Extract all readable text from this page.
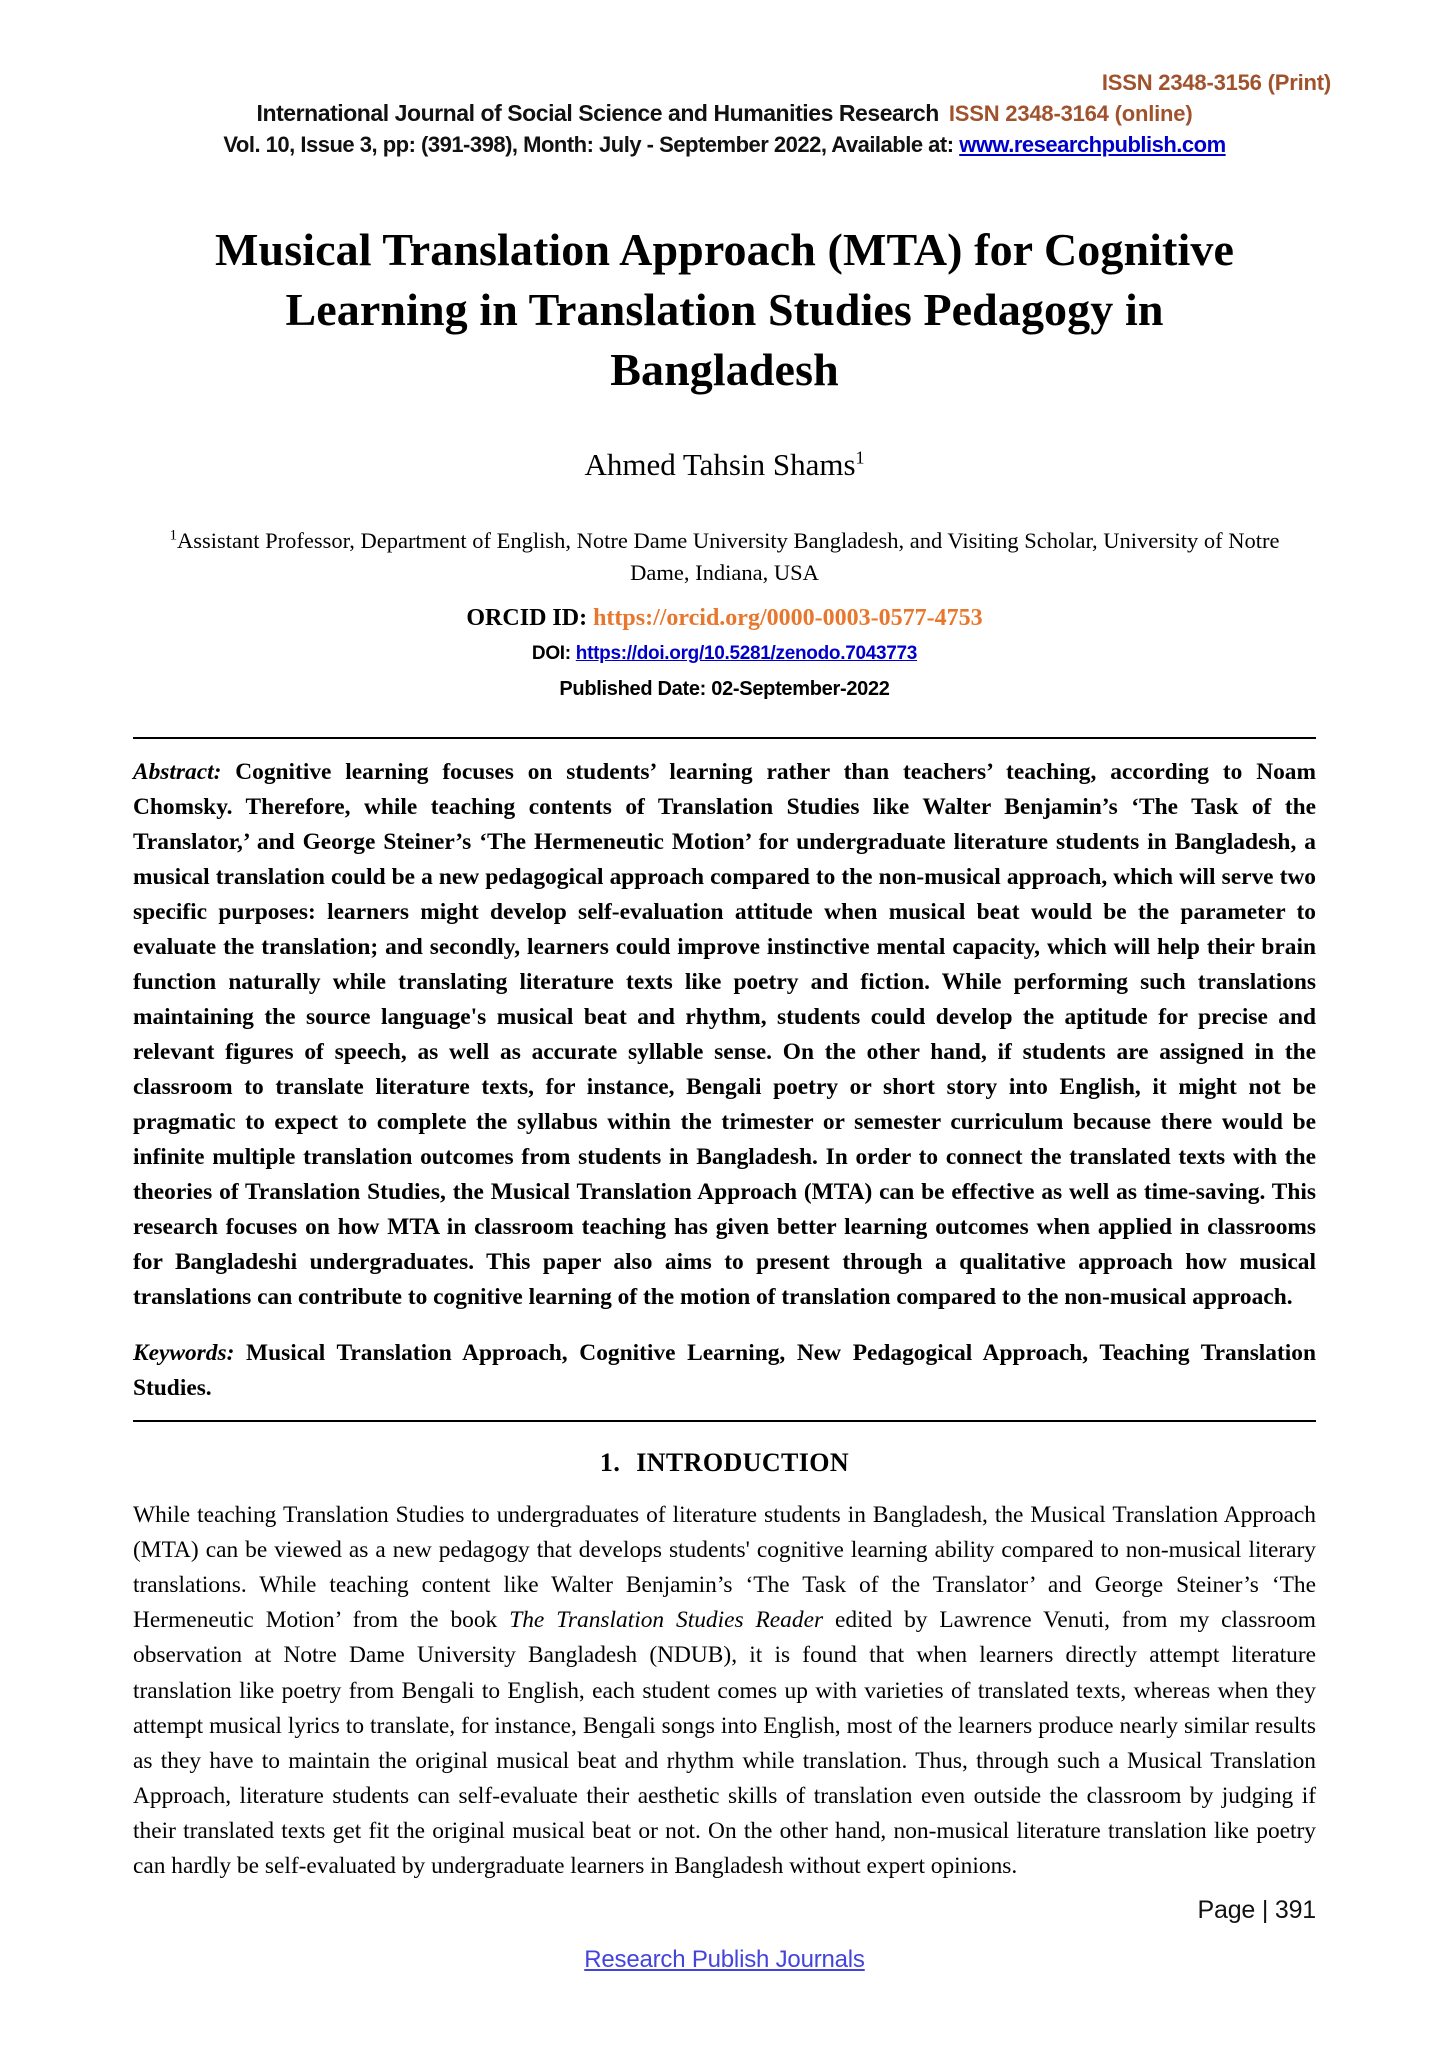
ISSN 2348-3156 (Print)
International Journal of Social Science and Humanities Research ISSN 2348-3164 (online)
Vol. 10, Issue 3, pp: (391-398), Month: July - September 2022, Available at: www.researchpublish.com
Musical Translation Approach (MTA) for Cognitive Learning in Translation Studies Pedagogy in Bangladesh
Ahmed Tahsin Shams$^1$
$^1$Assistant Professor, Department of English, Notre Dame University Bangladesh, and Visiting Scholar, University of Notre Dame, Indiana, USA
ORCID ID: https://orcid.org/0000-0003-0577-4753
DOI: https://doi.org/10.5281/zenodo.7043773
Published Date: 02-September-2022
Abstract: Cognitive learning focuses on students’ learning rather than teachers’ teaching, according to Noam Chomsky. Therefore, while teaching contents of Translation Studies like Walter Benjamin’s ‘The Task of the Translator,’ and George Steiner’s ‘The Hermeneutic Motion’ for undergraduate literature students in Bangladesh, a musical translation could be a new pedagogical approach compared to the non-musical approach, which will serve two specific purposes: learners might develop self-evaluation attitude when musical beat would be the parameter to evaluate the translation; and secondly, learners could improve instinctive mental capacity, which will help their brain function naturally while translating literature texts like poetry and fiction. While performing such translations maintaining the source language's musical beat and rhythm, students could develop the aptitude for precise and relevant figures of speech, as well as accurate syllable sense. On the other hand, if students are assigned in the classroom to translate literature texts, for instance, Bengali poetry or short story into English, it might not be pragmatic to expect to complete the syllabus within the trimester or semester curriculum because there would be infinite multiple translation outcomes from students in Bangladesh. In order to connect the translated texts with the theories of Translation Studies, the Musical Translation Approach (MTA) can be effective as well as time-saving. This research focuses on how MTA in classroom teaching has given better learning outcomes when applied in classrooms for Bangladeshi undergraduates. This paper also aims to present through a qualitative approach how musical translations can contribute to cognitive learning of the motion of translation compared to the non-musical approach.
Keywords: Musical Translation Approach, Cognitive Learning, New Pedagogical Approach, Teaching Translation Studies.
1. INTRODUCTION
While teaching Translation Studies to undergraduates of literature students in Bangladesh, the Musical Translation Approach (MTA) can be viewed as a new pedagogy that develops students' cognitive learning ability compared to non-musical literary translations. While teaching content like Walter Benjamin’s ‘The Task of the Translator’ and George Steiner’s ‘The Hermeneutic Motion’ from the book The Translation Studies Reader edited by Lawrence Venuti, from my classroom observation at Notre Dame University Bangladesh (NDUB), it is found that when learners directly attempt literature translation like poetry from Bengali to English, each student comes up with varieties of translated texts, whereas when they attempt musical lyrics to translate, for instance, Bengali songs into English, most of the learners produce nearly similar results as they have to maintain the original musical beat and rhythm while translation. Thus, through such a Musical Translation Approach, literature students can self-evaluate their aesthetic skills of translation even outside the classroom by judging if their translated texts get fit the original musical beat or not. On the other hand, non-musical literature translation like poetry can hardly be self-evaluated by undergraduate learners in Bangladesh without expert opinions.
Page | 391
Research Publish Journals
